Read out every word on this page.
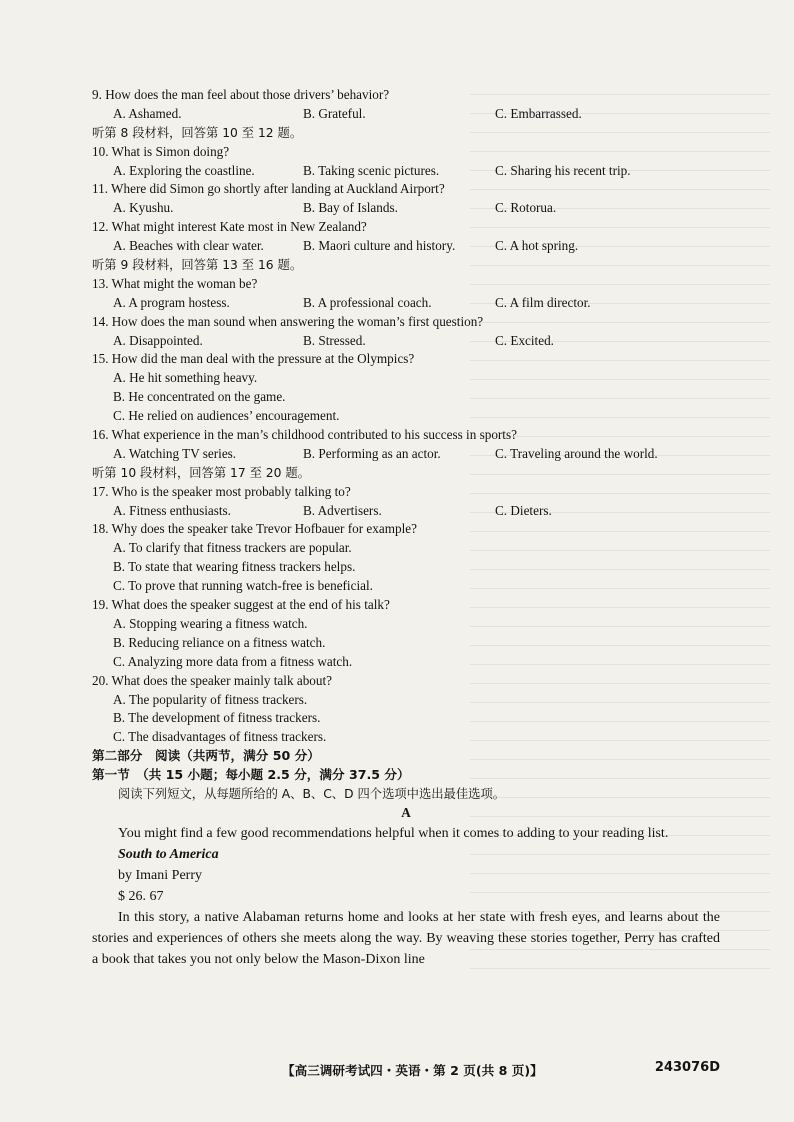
9. How does the man feel about those drivers’ behavior?
A. Ashamed.	B. Grateful.	C. Embarrassed.
听第 8 段材料，回答第 10 至 12 题。
10. What is Simon doing?
A. Exploring the coastline.	B. Taking scenic pictures.	C. Sharing his recent trip.
11. Where did Simon go shortly after landing at Auckland Airport?
A. Kyushu.	B. Bay of Islands.	C. Rotorua.
12. What might interest Kate most in New Zealand?
A. Beaches with clear water.	B. Maori culture and history.	C. A hot spring.
听第 9 段材料，回答第 13 至 16 题。
13. What might the woman be?
A. A program hostess.	B. A professional coach.	C. A film director.
14. How does the man sound when answering the woman’s first question?
A. Disappointed.	B. Stressed.	C. Excited.
15. How did the man deal with the pressure at the Olympics?
A. He hit something heavy.
B. He concentrated on the game.
C. He relied on audiences’ encouragement.
16. What experience in the man’s childhood contributed to his success in sports?
A. Watching TV series.	B. Performing as an actor.	C. Traveling around the world.
听第 10 段材料，回答第 17 至 20 题。
17. Who is the speaker most probably talking to?
A. Fitness enthusiasts.	B. Advertisers.	C. Dieters.
18. Why does the speaker take Trevor Hofbauer for example?
A. To clarify that fitness trackers are popular.
B. To state that wearing fitness trackers helps.
C. To prove that running watch-free is beneficial.
19. What does the speaker suggest at the end of his talk?
A. Stopping wearing a fitness watch.
B. Reducing reliance on a fitness watch.
C. Analyzing more data from a fitness watch.
20. What does the speaker mainly talk about?
A. The popularity of fitness trackers.
B. The development of fitness trackers.
C. The disadvantages of fitness trackers.
第二部分　阅读（共两节，满分 50 分）
第一节　（共 15 小题；每小题 2.5 分，满分 37.5 分）
阅读下列短文，从每题所给的 A、B、C、D 四个选项中选出最佳选项。
A
You might find a few good recommendations helpful when it comes to adding to your reading list.
South to America
by Imani Perry
$ 26. 67
In this story, a native Alabaman returns home and looks at her state with fresh eyes, and learns about the stories and experiences of others she meets along the way. By weaving these stories together, Perry has crafted a book that takes you not only below the Mason-Dixon line
【高三调研考试四・英语・第 2 页(共 8 页)】	243076D
